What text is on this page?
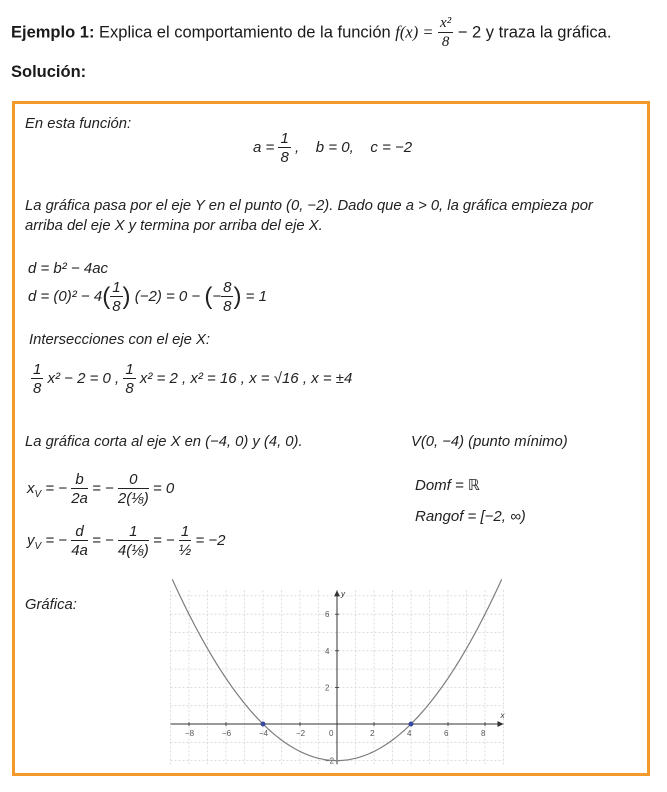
Ejemplo 1: Explica el comportamiento de la función $f(x) = \frac{\text{x²}}{8} - 2$ y traza la gráfica.
Solución:
En esta función:
$a = \frac{1}{8}$ ,    b = 0,    c = −2
La gráfica pasa por el eje Y en el punto (0, −2). Dado que a > 0, la gráfica empieza por
arriba del eje X y termina por arriba del eje X.
d = b² − 4ac
$d = (0)^2 - 4( \frac{1}{8}$ ) (−2) = 0 − (− $\frac{8}{8}$ ) = 1
Intersecciones con el eje X:
$\frac{1}{8} x^2 - 2 = 0$ , $\frac{1}{8} x^2 = 2$ , x² = 16 , x = √16 , x = ±4
La gráfica corta al eje X en (−4, 0) y (4, 0).	V(0, −4) (punto mínimo)
$x_V$ = − $\frac{b}{2a}$ = − $\frac{0}{\text{2(⅛)}} = 0$	Domf = ℝ
Rangof = [−2, ∞)
$y_V$ = − $\frac{d}{4a}$ = − $\frac{1}{\text{4(⅛)}}$ = − $\frac{1}{\text{½}} = -2$
Gráfica:
x
y
−8	−6	−4	−2	2	4	6	8
−2
2
4
6
0
